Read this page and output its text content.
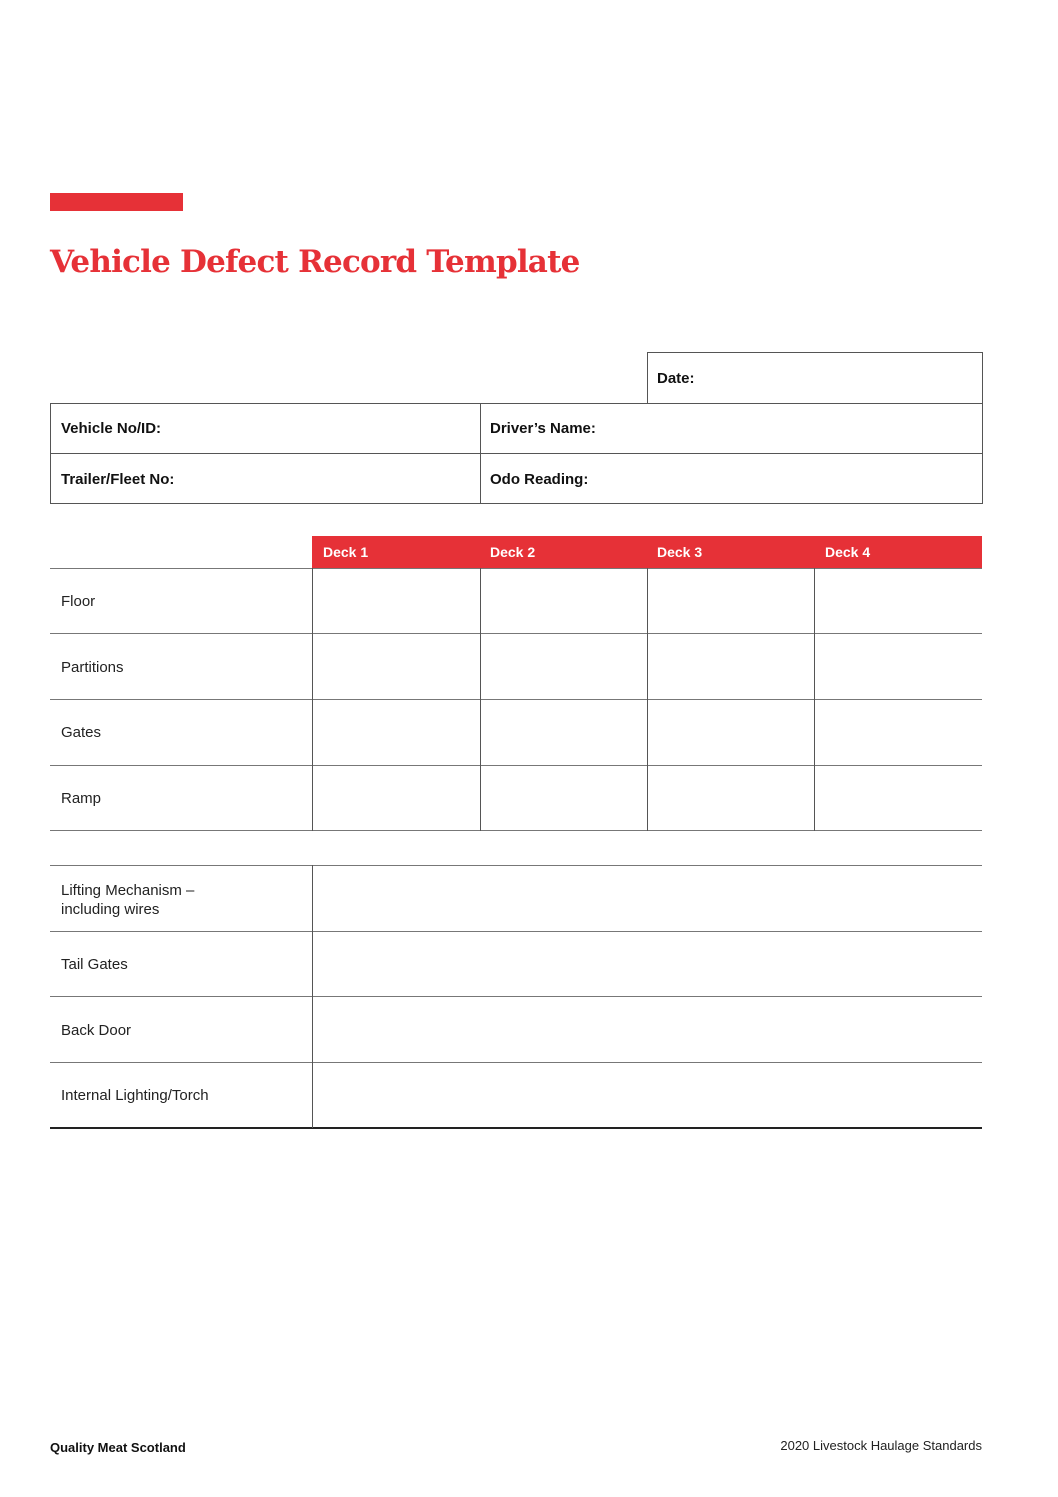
Vehicle Defect Record Template
Date:
Vehicle No/ID:	Driver’s Name:
Trailer/Fleet No:	Odo Reading:
Deck 1	Deck 2	Deck 3	Deck 4
Floor
Partitions
Gates
Ramp
Lifting Mechanism –
including wires
Tail Gates
Back Door
Internal Lighting/Torch
Quality Meat Scotland	2020 Livestock Haulage Standards
